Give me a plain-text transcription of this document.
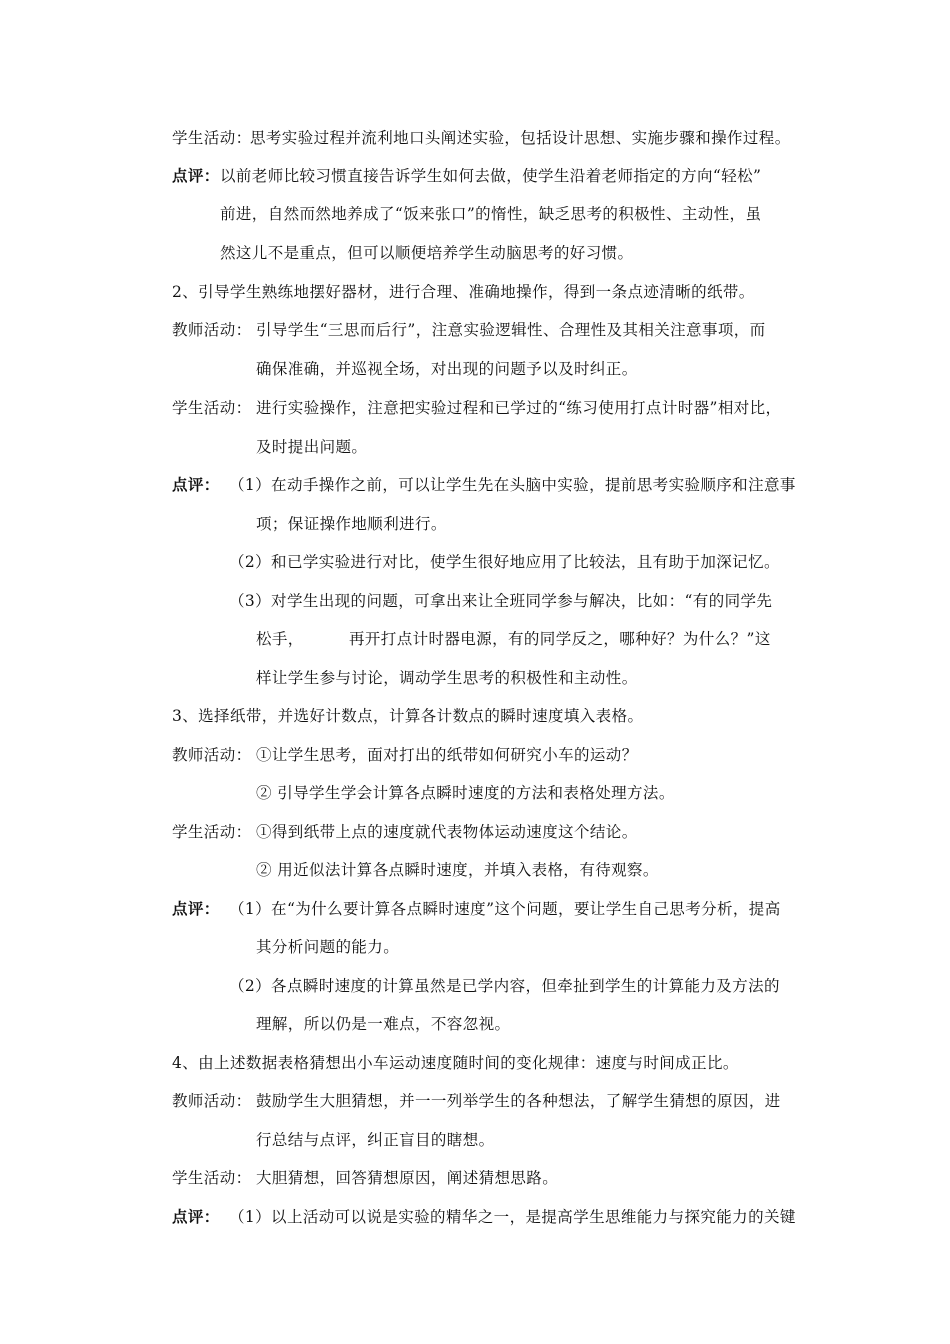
学生活动：
思考实验过程并流利地口头阐述实验，包括设计思想、实施步骤和操作过程。
点评： 以前老师比较习惯直接告诉学生如何去做，使学生沿着老师指定的方向“轻松”
前进，自然而然地养成了“饭来张口”的惰性，缺乏思考的积极性、主动性，虽
然这儿不是重点，但可以顺便培养学生动脑思考的好习惯。
2、引导学生熟练地摆好器材，进行合理、准确地操作，得到一条点迹清晰的纸带。
教师活动： 引导学生“三思而后行”，注意实验逻辑性、合理性及其相关注意事项，而
确保准确，并巡视全场，对出现的问题予以及时纠正。
学生活动： 进行实验操作，注意把实验过程和已学过的“练习使用打点计时器”相对比，
及时提出问题。
点评： （1）在动手操作之前，可以让学生先在头脑中实验，提前思考实验顺序和注意事
项；保证操作地顺利进行。
（2）和已学实验进行对比，使学生很好地应用了比较法，且有助于加深记忆。
（3）对学生出现的问题，可拿出来让全班同学参与解决，比如：“有的同学先
松手，	再开打点计时器电源，有的同学反之，哪种好？为什么？”这
样让学生参与讨论，调动学生思考的积极性和主动性。
3、选择纸带，并选好计数点，计算各计数点的瞬时速度填入表格。
教师活动： ①让学生思考，面对打出的纸带如何研究小车的运动？
② 引导学生学会计算各点瞬时速度的方法和表格处理方法。
学生活动： ①得到纸带上点的速度就代表物体运动速度这个结论。
② 用近似法计算各点瞬时速度，并填入表格，有待观察。
点评： （1）在“为什么要计算各点瞬时速度”这个问题，要让学生自己思考分析，提高
其分析问题的能力。
（2）各点瞬时速度的计算虽然是已学内容，但牵扯到学生的计算能力及方法的
理解，所以仍是一难点，不容忽视。
4、由上述数据表格猜想出小车运动速度随时间的变化规律：速度与时间成正比。
教师活动： 鼓励学生大胆猜想，并一一列举学生的各种想法，了解学生猜想的原因，进
行总结与点评，纠正盲目的瞎想。
学生活动： 大胆猜想，回答猜想原因，阐述猜想思路。
点评： （1）以上活动可以说是实验的精华之一，是提高学生思维能力与探究能力的关键
